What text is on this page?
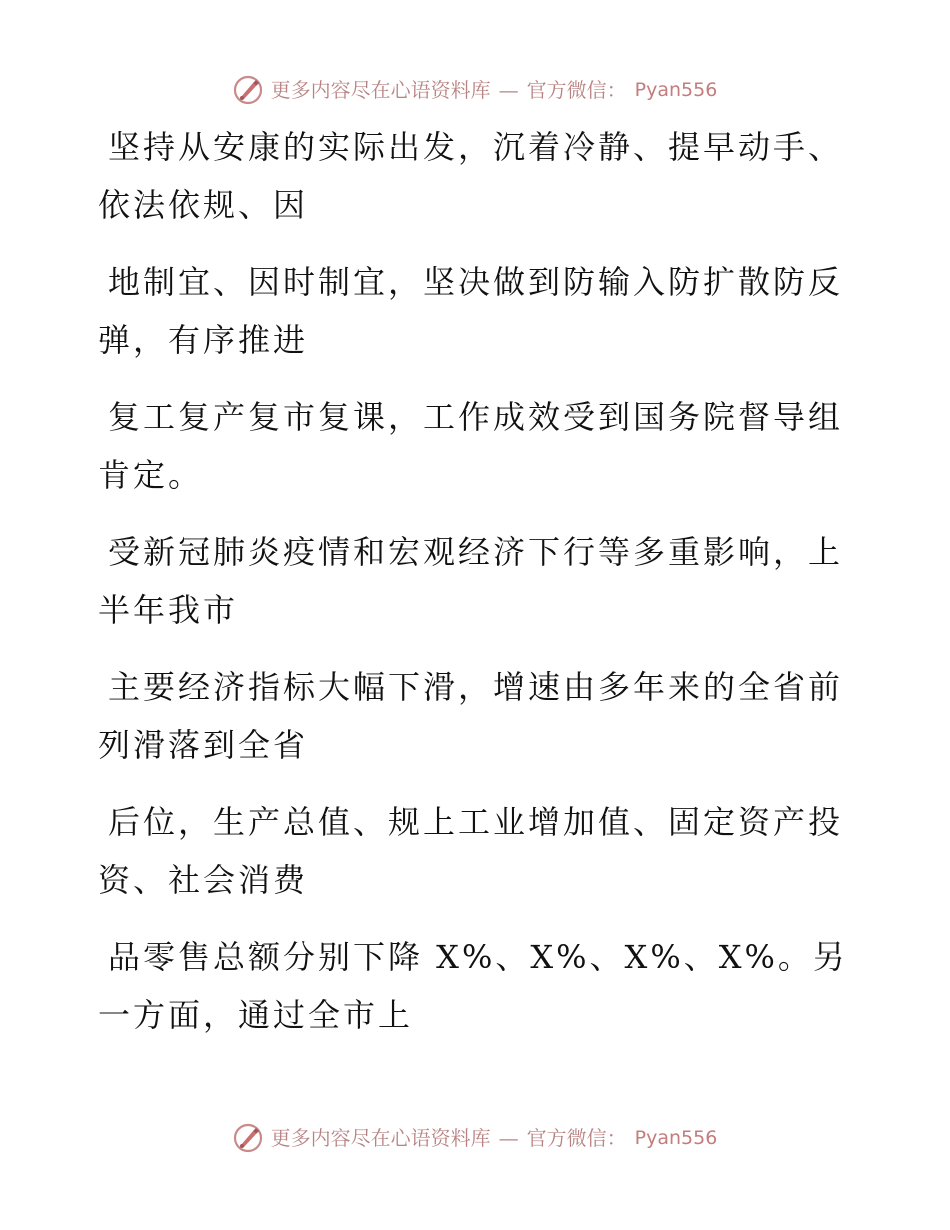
更多内容尽在心语资料库 — 官方微信： Pyan556

坚持从安康的实际出发，沉着冷静、提早动手、依法依规、因

地制宜、因时制宜，坚决做到防输入防扩散防反弹，有序推进

复工复产复市复课，工作成效受到国务院督导组肯定。

受新冠肺炎疫情和宏观经济下行等多重影响，上半年我市

主要经济指标大幅下滑，增速由多年来的全省前列滑落到全省

后位，生产总值、规上工业增加值、固定资产投资、社会消费

品零售总额分别下降 X%、X%、X%、X%。另一方面，通过全市上

更多内容尽在心语资料库 — 官方微信： Pyan556
